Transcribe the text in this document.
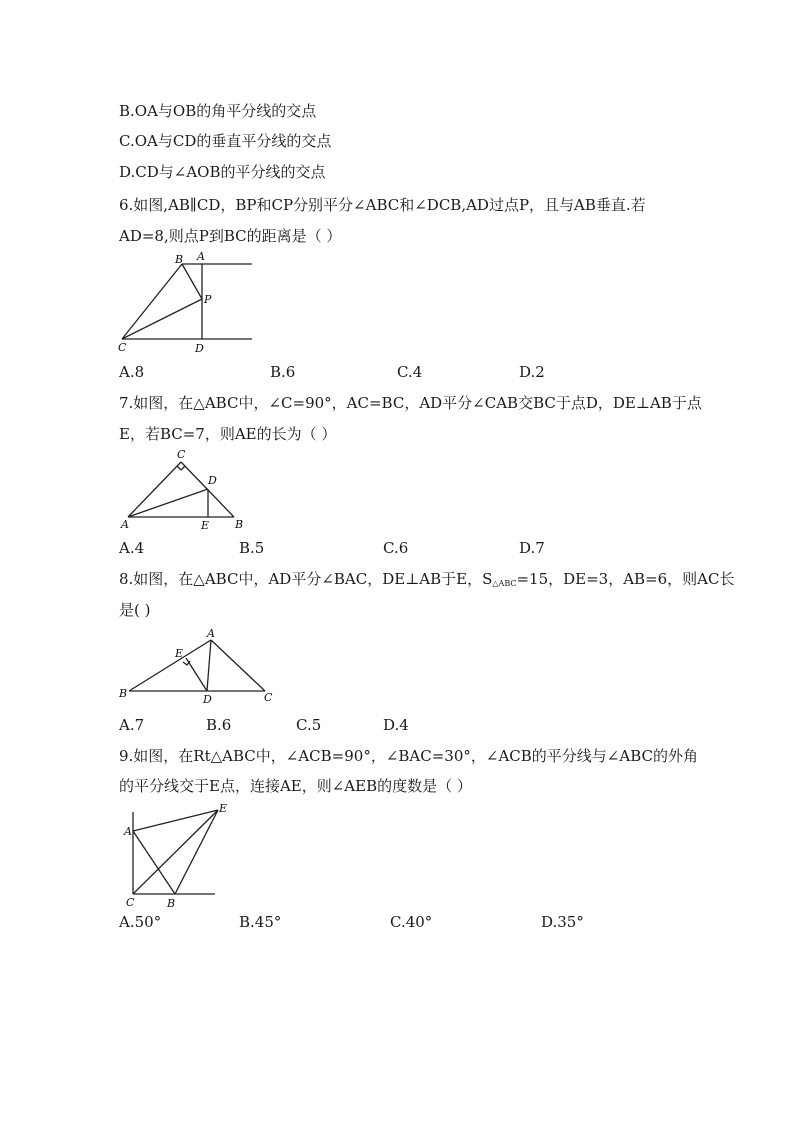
B.OA与OB的角平分线的交点
C.OA与CD的垂直平分线的交点
D.CD与∠AOB的平分线的交点
6.如图,AB∥CD，BP和CP分别平分∠ABC和∠DCB,AD过点P，且与AB垂直.若
AD=8,则点P到BC的距离是（ ）
B A
P
C	D
A.8	B.6	C.4	D.2
7.如图，在△ABC中，∠C=90°，AC=BC，AD平分∠CAB交BC于点D，DE⊥AB于点
E，若BC=7，则AE的长为（ ）
C
D
A	E B
A.4	B.5	C.6	D.7
8.如图，在△ABC中，AD平分∠BAC，DE⊥AB于E，$S_{\triangle ABC}=15$，DE=3，AB=6，则AC长
是( )
A
E
B	D	C
A.7	B.6	C.5	D.4
9.如图，在Rt△ABC中，∠ACB=90°，∠BAC=30°，∠ACB的平分线与∠ABC的外角
的平分线交于E点，连接AE，则∠AEB的度数是（ ）
E
A
C	B
A.50°	B.45°	C.40°	D.35°
